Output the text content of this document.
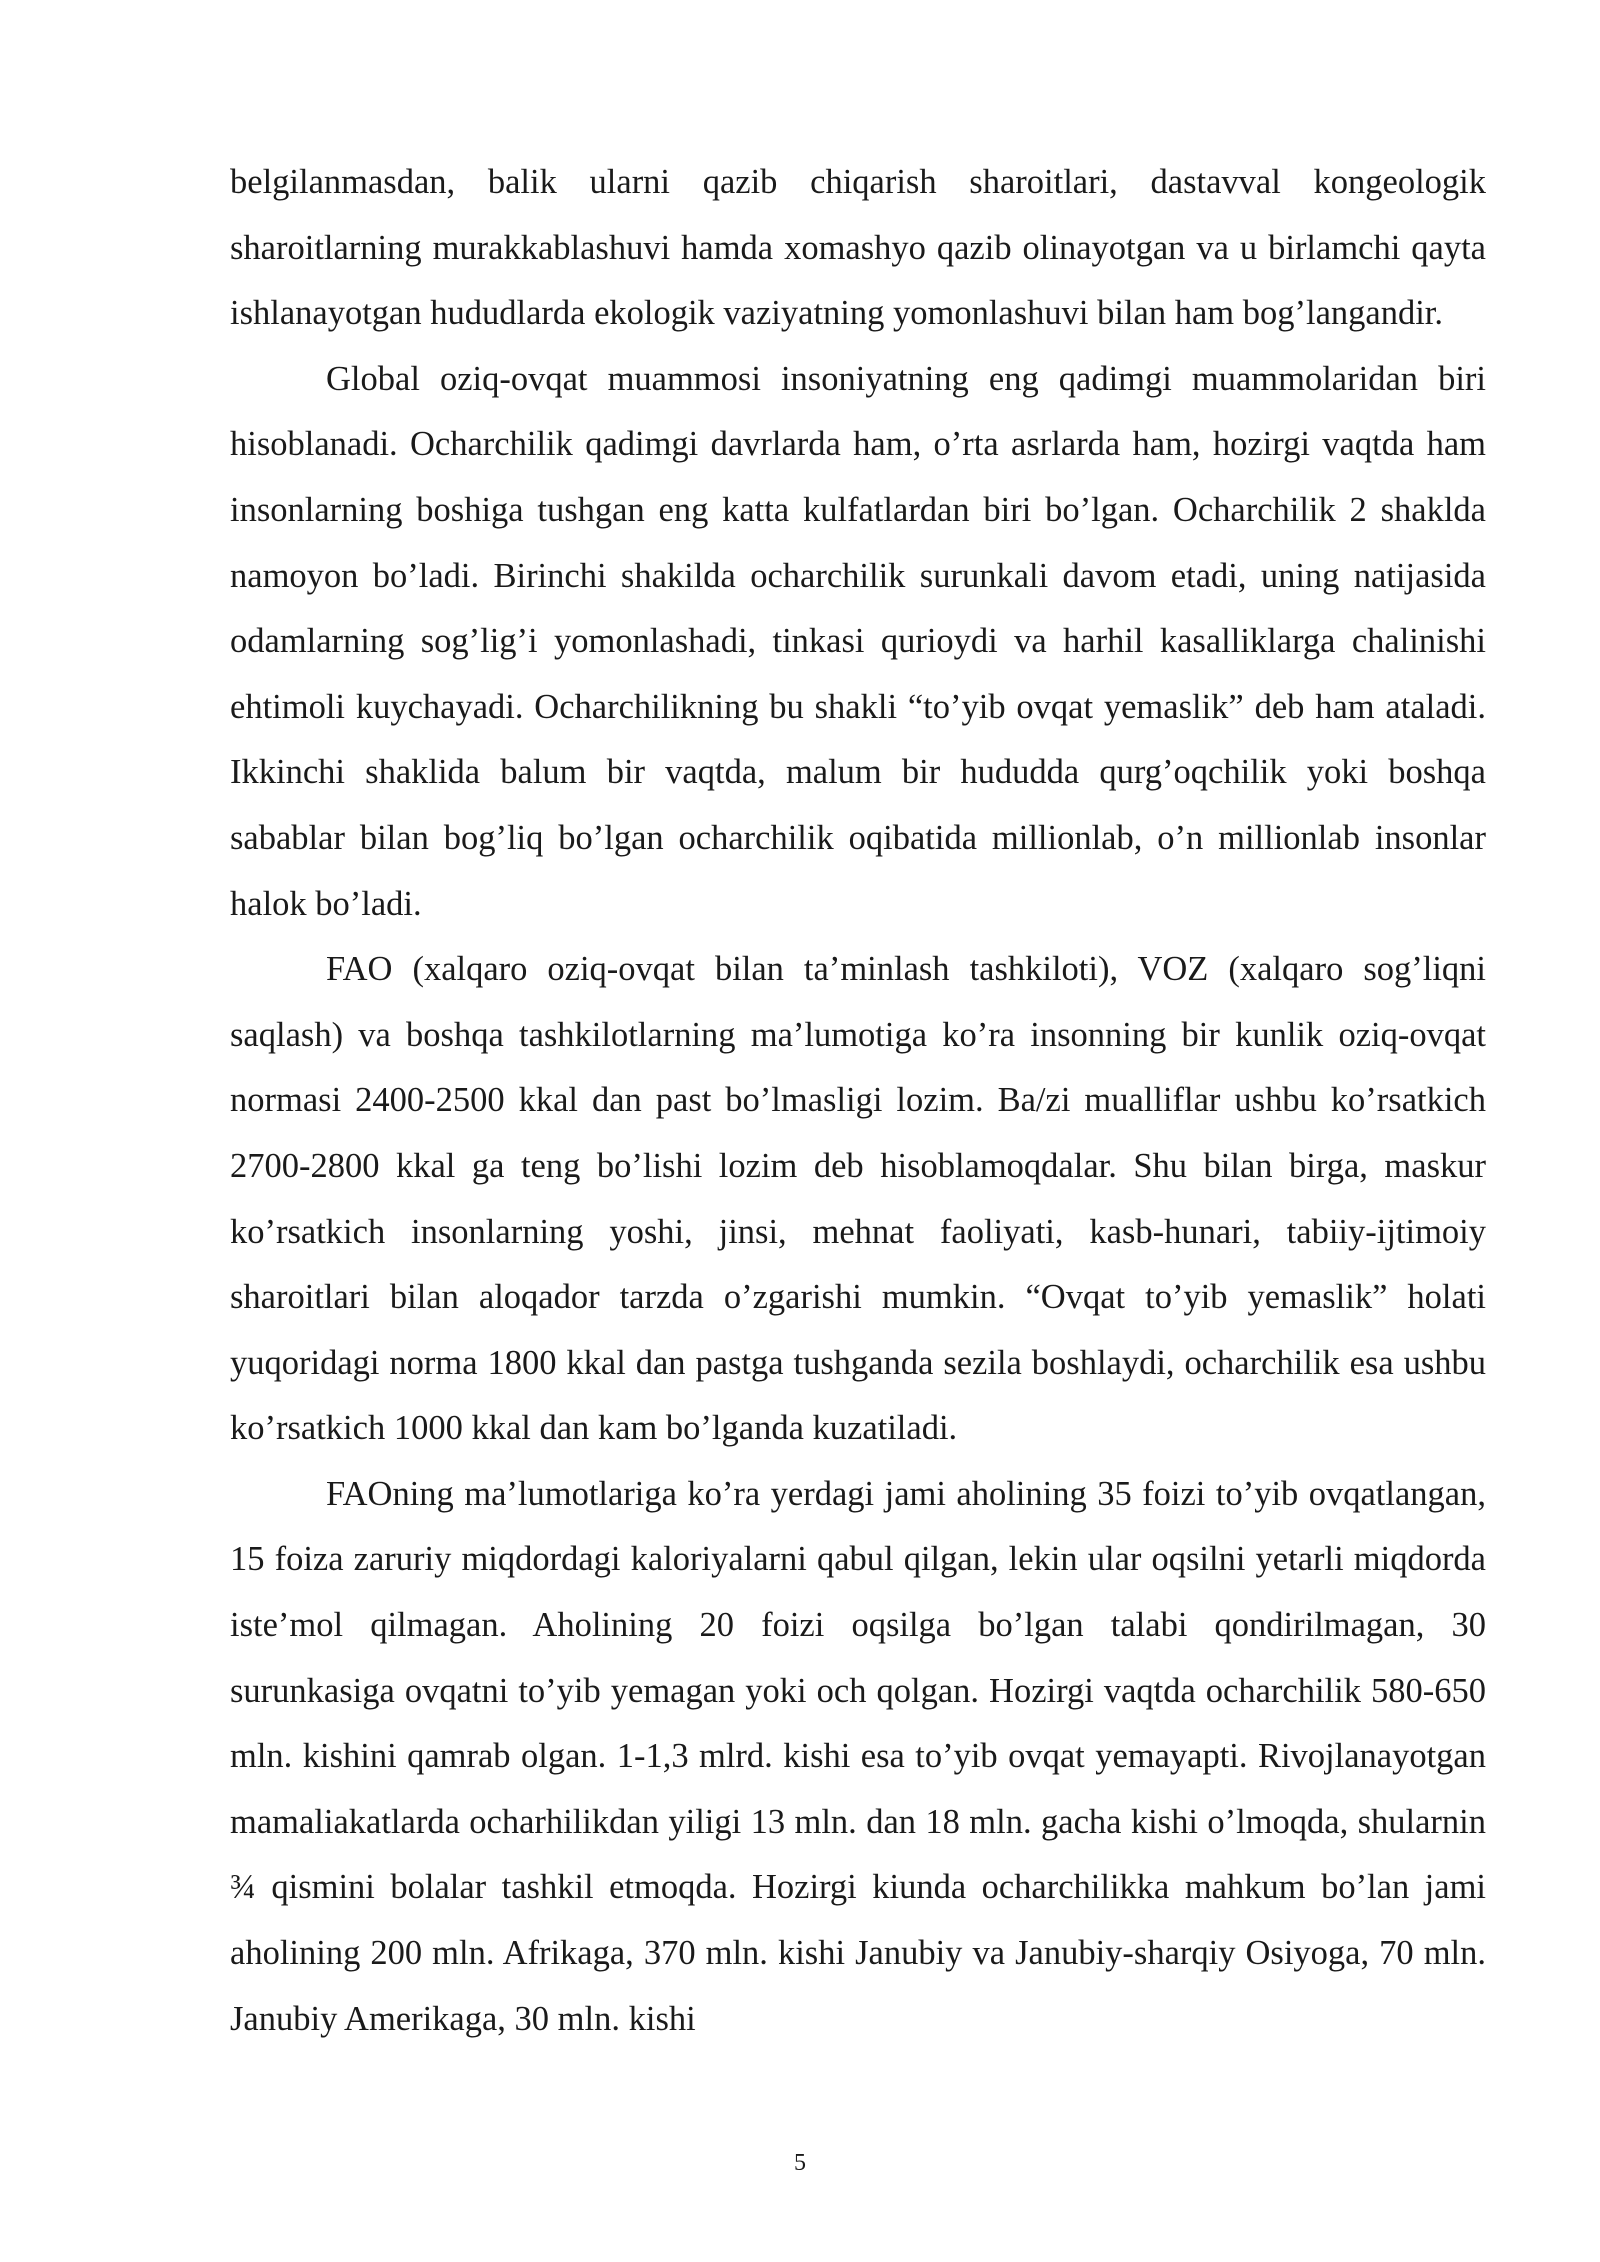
belgilanmasdan, balik ularni qazib chiqarish sharoitlari, dastavval kongeologik sharoitlarning murakkablashuvi hamda xomashyo qazib olinayotgan va u birlamchi qayta ishlanayotgan hududlarda ekologik vaziyatning yomonlashuvi bilan ham bog’langandir.

Global oziq-ovqat muammosi insoniyatning eng qadimgi muammolaridan biri hisoblanadi. Ocharchilik qadimgi davrlarda ham, o’rta asrlarda ham, hozirgi vaqtda ham insonlarning boshiga tushgan eng katta kulfatlardan biri bo’lgan. Ocharchilik 2 shaklda namoyon bo’ladi. Birinchi shakilda ocharchilik surunkali davom etadi, uning natijasida odamlarning sog’lig’i yomonlashadi, tinkasi qurioydi va harhil kasalliklarga chalinishi ehtimoli kuychayadi. Ocharchilikning bu shakli “to’yib ovqat yemaslik” deb ham ataladi. Ikkinchi shaklida balum bir vaqtda, malum bir hududda qurg’oqchilik yoki boshqa sabablar bilan bog’liq bo’lgan ocharchilik oqibatida millionlab, o’n millionlab insonlar halok bo’ladi.

FAO (xalqaro oziq-ovqat bilan ta’minlash tashkiloti), VOZ (xalqaro sog’liqni saqlash) va boshqa tashkilotlarning ma’lumotiga ko’ra insonning bir kunlik oziq-ovqat normasi 2400-2500 kkal dan past bo’lmasligi lozim. Ba/zi mualliflar ushbu ko’rsatkich 2700-2800 kkal ga teng bo’lishi lozim deb hisoblamoqdalar. Shu bilan birga, maskur ko’rsatkich insonlarning yoshi, jinsi, mehnat faoliyati, kasb-hunari, tabiiy-ijtimoiy sharoitlari bilan aloqador tarzda o’zgarishi mumkin. “Ovqat to’yib yemaslik” holati yuqoridagi norma 1800 kkal dan pastga tushganda sezila boshlaydi, ocharchilik esa ushbu ko’rsatkich 1000 kkal dan kam bo’lganda kuzatiladi.

FAOning ma’lumotlariga ko’ra yerdagi jami aholining 35 foizi to’yib ovqatlangan, 15 foiza zaruriy miqdordagi kaloriyalarni qabul qilgan, lekin ular oqsilni yetarli miqdorda iste’mol qilmagan. Aholining 20 foizi oqsilga bo’lgan talabi qondirilmagan, 30 surunkasiga ovqatni to’yib yemagan yoki och qolgan. Hozirgi vaqtda ocharchilik 580-650 mln. kishini qamrab olgan. 1-1,3 mlrd. kishi esa to’yib ovqat yemayapti. Rivojlanayotgan mamaliakatlarda ocharhilikdan yiligi 13 mln. dan 18 mln. gacha kishi o’lmoqda, shularnin ¾ qismini bolalar tashkil etmoqda. Hozirgi kiunda ocharchilikka mahkum bo’lan jami aholining 200 mln. Afrikaga, 370 mln. kishi Janubiy va Janubiy-sharqiy Osiyoga, 70 mln. Janubiy Amerikaga, 30 mln. kishi

5
